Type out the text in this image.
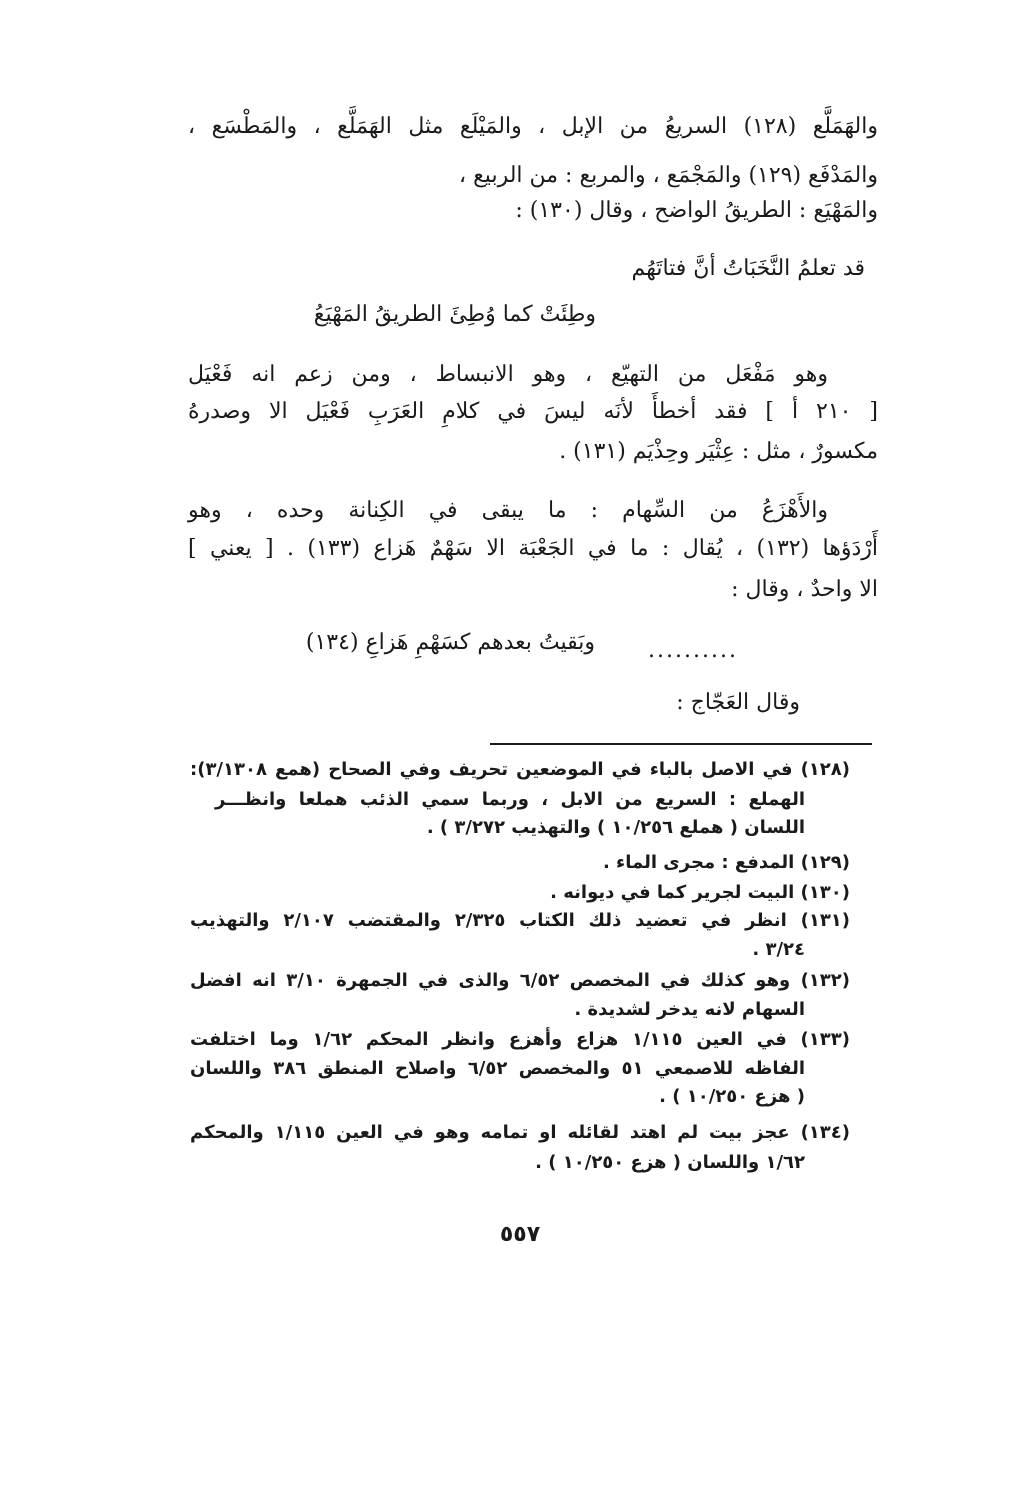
والهَمَلَّع (١٢٨) السريعُ من الإبل ، والمَيْلَع مثل الهَمَلَّع ، والمَطْسَع ،
والمَدْفَع (١٢٩) والمَجْمَع ، والمربع : من الربيع ،
والمَهْيَع : الطريقُ الواضح ، وقال (١٣٠) :
قد تعلمُ النَّخَبَاتُ أنَّ فتاتَهُم
وطِئَتْ كما وُطِئَ الطريقُ المَهْيَعُ
وهو مَفْعَل من التهيّع ، وهو الانبساط ، ومن زعم انه فَعْيَل
[ ٢١٠ أ ] فقد أخطأَ لأنَه ليسَ في كلامِ العَرَبِ فَعْيَل الا وصدرهُ
مكسورٌ ، مثل : عِثْيَر وحِذْيَم (١٣١) .
والأَهْزَعُ من السِّهام : ما يبقى في الكِنانة وحده ، وهو
أَرْدَؤها (١٣٢) ، يُقال : ما في الجَعْبَة الا سَهْمٌ هَزاع (١٣٣) . [ يعني ]
الا واحدٌ ، وقال :
..........
وبَقيتُ بعدهم كسَهْمِ هَزاعِ (١٣٤)
وقال العَجّاج :
(١٢٨) في الاصل بالباء في الموضعين تحريف وفي الصحاح (همع ٣/١٣٠٨):
الهملع : السريع من الابل ، وربما سمي الذئب هملعا وانظـــر
اللسان ( هملع ١٠/٢٥٦ ) والتهذيب ٣/٢٧٢ ) .
(١٢٩) المدفع : مجرى الماء .
(١٣٠) البيت لجرير كما في ديوانه .
(١٣١) انظر في تعضيد ذلك الكتاب ٢/٣٢٥ والمقتضب ٢/١٠٧ والتهذيب
٣/٢٤ .
(١٣٢) وهو كذلك في المخصص ٦/٥٢ والذى في الجمهرة ٣/١٠ انه افضل
السهام لانه يدخر لشديدة .
(١٣٣) في العين ١/١١٥ هزاع وأهزع وانظر المحكم ١/٦٢ وما اختلفت
الفاظه للاصمعي ٥١ والمخصص ٦/٥٢ واصلاح المنطق ٣٨٦ واللسان
( هزع ١٠/٢٥٠ ) .
(١٣٤) عجز بيت لم اهتد لقائله او تمامه وهو في العين ١/١١٥ والمحكم
١/٦٢ واللسان ( هزع ١٠/٢٥٠ ) .
٥٥٧
